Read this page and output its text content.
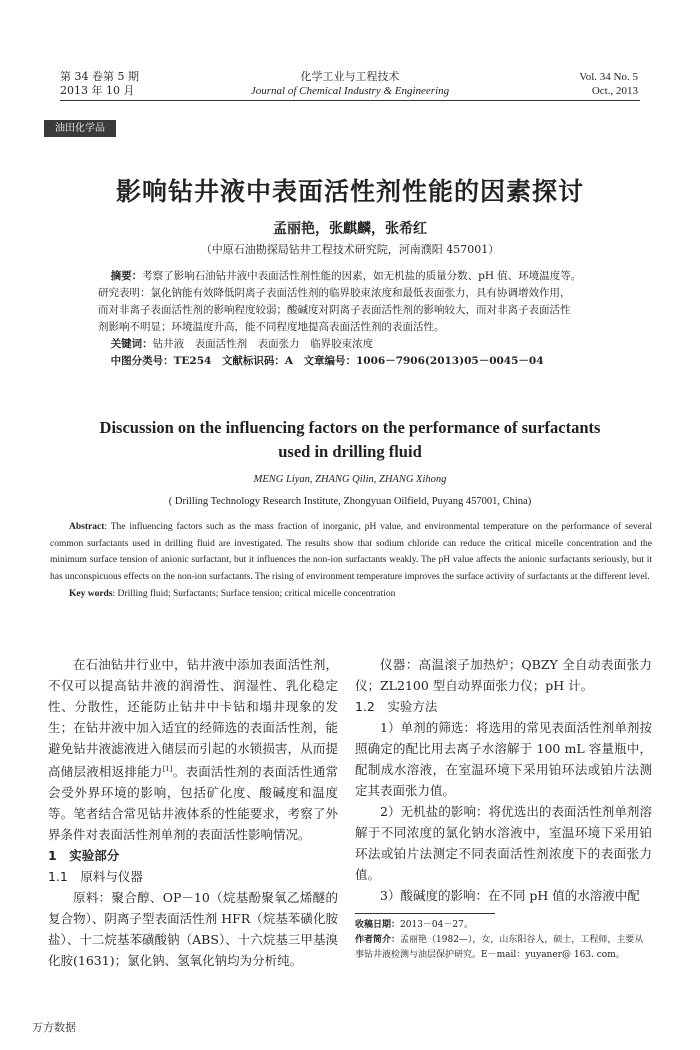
第 34 卷第 5 期
2013 年 10 月
化学工业与工程技术
Journal of Chemical Industry & Engineering
Vol. 34 No. 5
Oct., 2013
油田化学品
影响钻井液中表面活性剂性能的因素探讨
孟丽艳，张麒麟，张希红
（中原石油勘探局钻井工程技术研究院，河南濮阳 457001）

摘要：考察了影响石油钻井液中表面活性剂性能的因素，如无机盐的质量分数、pH 值、环境温度等。

研究表明：氯化钠能有效降低阴离子表面活性剂的临界胶束浓度和最低表面张力，具有协调增效作用，

而对非离子表面活性剂的影响程度较弱；酸碱度对阴离子表面活性剂的影响较大，而对非离子表面活性

剂影响不明显；环境温度升高，能不同程度地提高表面活性剂的表面活性。

关键词：钻井液　表面活性剂　表面张力　临界胶束浓度

中图分类号：TE254　文献标识码：A　文章编号：1006－7906(2013)05－0045－04

Discussion on the influencing factors on the performance of surfactants
used in drilling fluid
MENG Liyan, ZHANG Qilin, ZHANG Xihong
( Drilling Technology Research Institute, Zhongyuan Oilfield, Puyang 457001, China)

Abstract: The influencing factors such as the mass fraction of inorganic, pH value, and environmental temperature on the performance of several common surfactants used in drilling fluid are investigated. The results show that sodium chloride can reduce the critical micelle concentration and the minimum surface tension of anionic surfactant, but it influences the non-ion surfactants weakly. The pH value affects the anionic surfactants seriously, but it has unconspicuous effects on the non-ion surfactants. The rising of environment temperature improves the surface activity of surfactants at the different level.

Key words: Drilling fluid; Surfactants; Surface tension; critical micelle concentration

在石油钻井行业中，钻井液中添加表面活性剂，不仅可以提高钻井液的润滑性、润湿性、乳化稳定性、分散性，还能防止钻井中卡钻和塌井现象的发生；在钻井液中加入适宜的经筛选的表面活性剂，能避免钻井液滤液进入储层而引起的水锁损害，从而提高储层液相返排能力[1]。表面活性剂的表面活性通常会受外界环境的影响，包括矿化度、酸碱度和温度等。笔者结合常见钻井液体系的性能要求，考察了外界条件对表面活性剂单剂的表面活性影响情况。

1　实验部分

1.1　原料与仪器

原料：聚合醇、OP－10（烷基酚聚氧乙烯醚的复合物）、阴离子型表面活性剂 HFR（烷基苯磺化胺盐）、十二烷基苯磺酸钠（ABS）、十六烷基三甲基溴化胺(1631)；氯化钠、氢氧化钠均为分析纯。

仪器：高温滚子加热炉；QBZY 全自动表面张力仪；ZL2100 型自动界面张力仪；pH 计。

1.2　实验方法

1）单剂的筛选：将选用的常见表面活性剂单剂按照确定的配比用去离子水溶解于 100 mL 容量瓶中，配制成水溶液，在室温环境下采用铂环法或铂片法测定其表面张力值。

2）无机盐的影响：将优选出的表面活性剂单剂溶解于不同浓度的氯化钠水溶液中，室温环境下采用铂环法或铂片法测定不同表面活性剂浓度下的表面张力值。

3）酸碱度的影响：在不同 pH 值的水溶液中配

收稿日期：2013－04－27。

作者简介：孟丽艳（1982—），女，山东阳谷人，硕士，工程师，主要从事钻井液检测与油层保护研究。E－mail：yuyaner@ 163. com。

万方数据
